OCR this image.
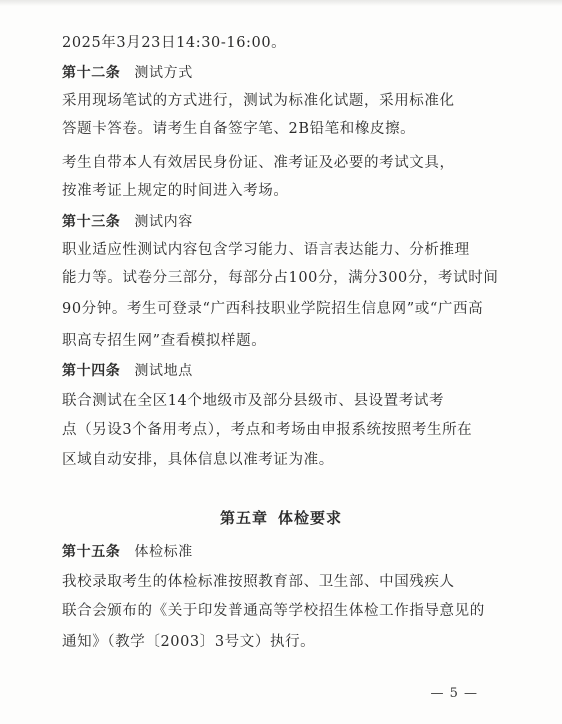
2025年3月23日14:30-16:00。
第十二条 测试方式
采用现场笔试的方式进行，测试为标准化试题，采用标准化
答题卡答卷。请考生自备签字笔、2B铅笔和橡皮擦。
考生自带本人有效居民身份证、准考证及必要的考试文具，
按准考证上规定的时间进入考场。
第十三条 测试内容
职业适应性测试内容包含学习能力、语言表达能力、分析推理
能力等。试卷分三部分，每部分占100分，满分300分，考试时间
90分钟。考生可登录“广西科技职业学院招生信息网”或“广西高
职高专招生网”查看模拟样题。
第十四条 测试地点
联合测试在全区14个地级市及部分县级市、县设置考试考
点（另设3个备用考点），考点和考场由申报系统按照考生所在
区域自动安排，具体信息以准考证为准。
第五章 体检要求
第十五条 体检标准
我校录取考生的体检标准按照教育部、卫生部、中国残疾人
联合会颁布的《关于印发普通高等学校招生体检工作指导意见的
通知》（教学〔2003〕3号文）执行。
— 5 —
